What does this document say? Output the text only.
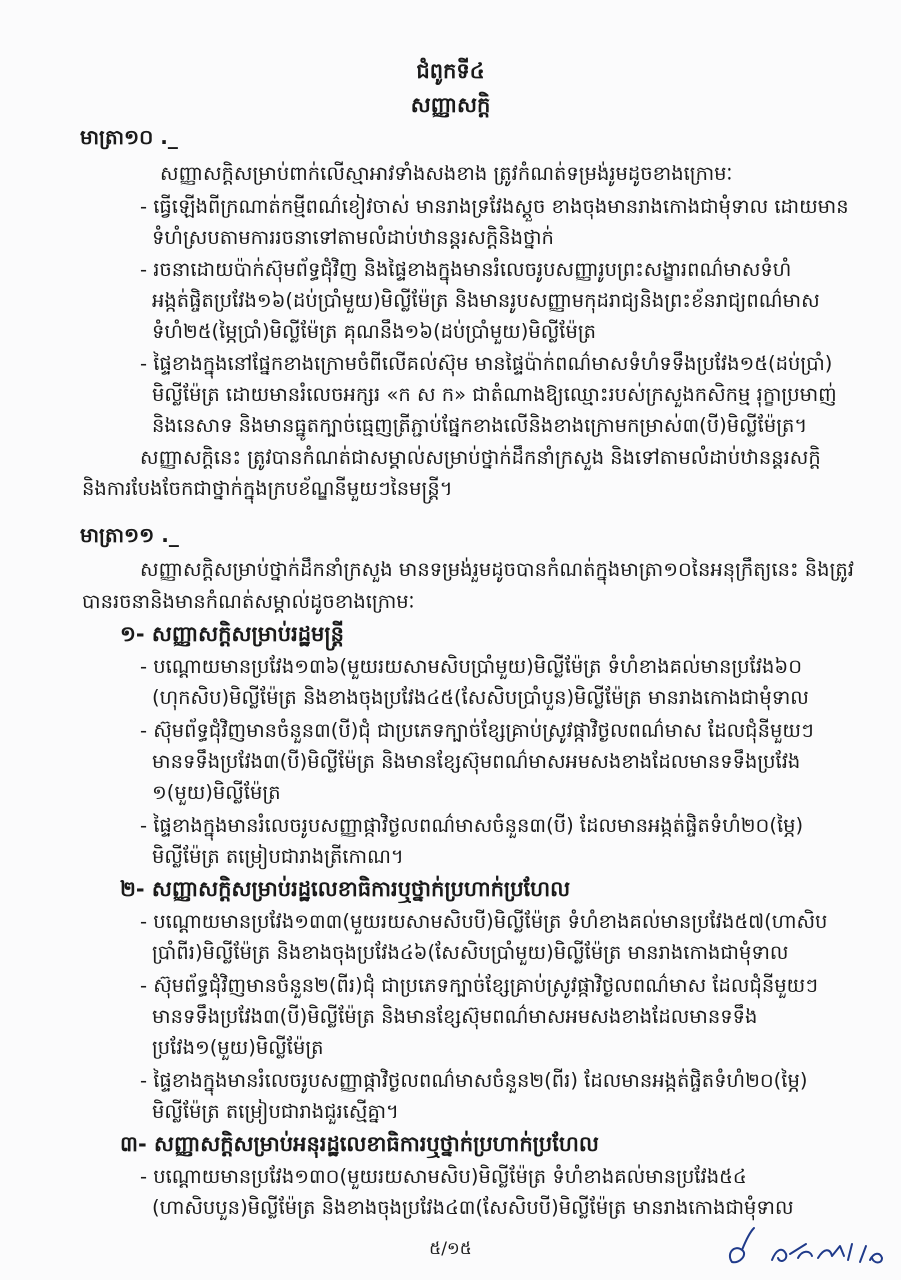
ជំពូកទី៤
សញ្ញាសក្តិ
មាត្រា១០ ._
សញ្ញាសក្តិសម្រាប់ពាក់លើស្មាអាវទាំងសងខាង ត្រូវកំណត់ទម្រង់រូមដូចខាងក្រោមៈ
- ធ្វើឡើងពីក្រណាត់កម្មីពណ៌ខៀវចាស់ មានរាងទ្រវែងស្តួច ខាងចុងមានរាងកោងជាមុំទាល ដោយមាន
ទំហំស្របតាមការរចនាទៅតាមលំដាប់ឋានន្តរសក្តិនិងថ្នាក់
- រចនាដោយប៉ាក់ស៊ុមព័ទ្ធជុំវិញ និងផ្ទៃខាងក្នុងមានរំលេចរូបសញ្ញារូបព្រះសង្ខារពណ៌មាសទំហំ
អង្កត់ផ្ចិតប្រវែង១៦(ដប់ប្រាំមួយ)មិល្លីម៉ែត្រ និងមានរូបសញ្ញាមកុដរាជ្យនិងព្រះខ័នរាជ្យពណ៌មាស
ទំហំ២៥(ម្ភៃប្រាំ)មិល្លីម៉ែត្រ គុណនឹង១៦(ដប់ប្រាំមួយ)មិល្លីម៉ែត្រ
- ផ្ទៃខាងក្នុងនៅផ្នែកខាងក្រោមចំពីលើគល់ស៊ុម មានផ្ទៃប៉ាក់ពណ៌មាសទំហំទទឹងប្រវែង១៥(ដប់ប្រាំ)
មិល្លីម៉ែត្រ ដោយមានរំលេចអក្សរ «ក ស ក» ជាតំណាងឱ្យឈ្មោះរបស់ក្រសួងកសិកម្ម រុក្ខាប្រមាញ់
និងនេសាទ និងមានធ្នូតក្បាច់ធ្មេញត្រីភ្ជាប់ផ្នែកខាងលើនិងខាងក្រោមកម្រាស់៣(បី)មិល្លីម៉ែត្រ។
សញ្ញាសក្តិនេះ ត្រូវបានកំណត់ជាសម្គាល់សម្រាប់ថ្នាក់ដឹកនាំក្រសួង និងទៅតាមលំដាប់ឋានន្តរសក្តិ
និងការបែងចែកជាថ្នាក់ក្នុងក្របខ័ណ្ឌនីមួយៗនៃមន្ត្រី។
មាត្រា១១ ._
សញ្ញាសក្តិសម្រាប់ថ្នាក់ដឹកនាំក្រសួង មានទម្រង់រួមដូចបានកំណត់ក្នុងមាត្រា១០នៃអនុក្រឹត្យនេះ និងត្រូវ
បានរចនានិងមានកំណត់សម្គាល់ដូចខាងក្រោមៈ
១- សញ្ញាសក្តិសម្រាប់រដ្ឋមន្ត្រី
- បណ្តោយមានប្រវែង១៣៦(មួយរយសាមសិបប្រាំមួយ)មិល្លីម៉ែត្រ ទំហំខាងគល់មានប្រវែង៦០
(ហុកសិប)មិល្លីម៉ែត្រ និងខាងចុងប្រវែង៤៥(សែសិបប្រាំបួន)មិល្លីម៉ែត្រ មានរាងកោងជាមុំទាល
- ស៊ុមព័ទ្ធជុំវិញមានចំនួន៣(បី)ជុំ ជាប្រភេទក្បាច់ខ្សែគ្រាប់ស្រូវផ្កាវិថ្ងលពណ៌មាស ដែលជុំនីមួយៗ
មានទទឹងប្រវែង៣(បី)មិល្លីម៉ែត្រ និងមានខ្សែស៊ុមពណ៌មាសអមសងខាងដែលមានទទឹងប្រវែង
១(មួយ)មិល្លីម៉ែត្រ
- ផ្ទៃខាងក្នុងមានរំលេចរូបសញ្ញាផ្កាវិថ្ងលពណ៌មាសចំនួន៣(បី) ដែលមានអង្កត់ផ្ចិតទំហំ២០(ម្ភៃ)
មិល្លីម៉ែត្រ តម្រៀបជារាងត្រីកោណ។
២- សញ្ញាសក្តិសម្រាប់រដ្ឋលេខាធិការឬថ្នាក់ប្រហាក់ប្រហែល
- បណ្តោយមានប្រវែង១៣៣(មួយរយសាមសិបបី)មិល្លីម៉ែត្រ ទំហំខាងគល់មានប្រវែង៥៧(ហាសិប
ប្រាំពីរ)មិល្លីម៉ែត្រ និងខាងចុងប្រវែង៤៦(សែសិបប្រាំមួយ)មិល្លីម៉ែត្រ មានរាងកោងជាមុំទាល
- ស៊ុមព័ទ្ធជុំវិញមានចំនួន២(ពីរ)ជុំ ជាប្រភេទក្បាច់ខ្សែគ្រាប់ស្រូវផ្កាវិថ្ងលពណ៌មាស ដែលជុំនីមួយៗ
មានទទឹងប្រវែង៣(បី)មិល្លីម៉ែត្រ និងមានខ្សែស៊ុមពណ៌មាសអមសងខាងដែលមានទទឹង
ប្រវែង១(មួយ)មិល្លីម៉ែត្រ
- ផ្ទៃខាងក្នុងមានរំលេចរូបសញ្ញាផ្កាវិថ្ងលពណ៌មាសចំនួន២(ពីរ) ដែលមានអង្កត់ផ្ចិតទំហំ២០(ម្ភៃ)
មិល្លីម៉ែត្រ តម្រៀបជារាងជួរស្មើគ្នា។
៣- សញ្ញាសក្តិសម្រាប់អនុរដ្ឋលេខាធិការឬថ្នាក់ប្រហាក់ប្រហែល
- បណ្តោយមានប្រវែង១៣០(មួយរយសាមសិប)មិល្លីម៉ែត្រ ទំហំខាងគល់មានប្រវែង៥៤
(ហាសិបបួន)មិល្លីម៉ែត្រ និងខាងចុងប្រវែង៤៣(សែសិបបី)មិល្លីម៉ែត្រ មានរាងកោងជាមុំទាល
៥/១៥
